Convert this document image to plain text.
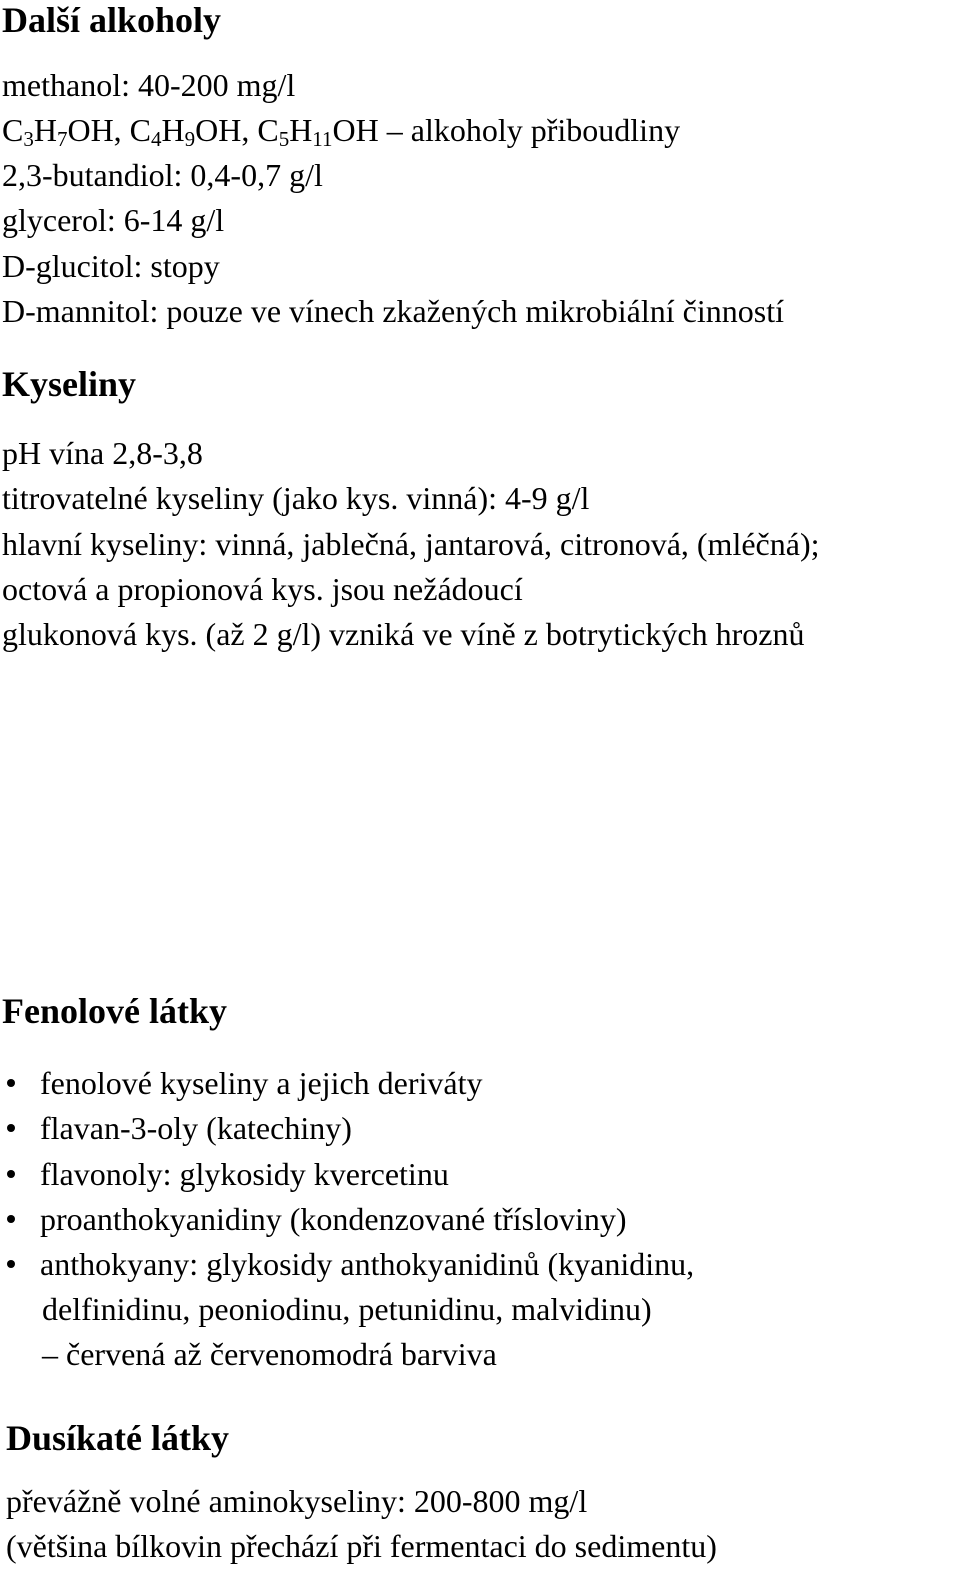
Další alkoholy
methanol: 40-200 mg/l
$C_3H_7OH$, $C_4H_9OH$, $C_5H_{11}OH$ – alkoholy přiboudliny
2,3-butandiol: 0,4-0,7 g/l
glycerol: 6-14 g/l
D-glucitol: stopy
D-mannitol: pouze ve vínech zkažených mikrobiální činností
Kyseliny
pH vína 2,8-3,8
titrovatelné kyseliny (jako kys. vinná): 4-9 g/l
hlavní kyseliny: vinná, jablečná, jantarová, citronová, (mléčná);
octová a propionová kys. jsou nežádoucí
glukonová kys. (až 2 g/l) vzniká ve víně z botrytických hroznů
Fenolové látky
fenolové kyseliny a jejich deriváty
flavan-3-oly (katechiny)
flavonoly: glykosidy kvercetinu
proanthokyanidiny (kondenzované třísloviny)
anthokyany: glykosidy anthokyanidinů (kyanidinu,
delfinidinu, peoniodinu, petunidinu, malvidinu)
– červená až červenomodrá barviva
Dusíkaté látky
převážně volné aminokyseliny: 200-800 mg/l
(většina bílkovin přechází při fermentaci do sedimentu)
